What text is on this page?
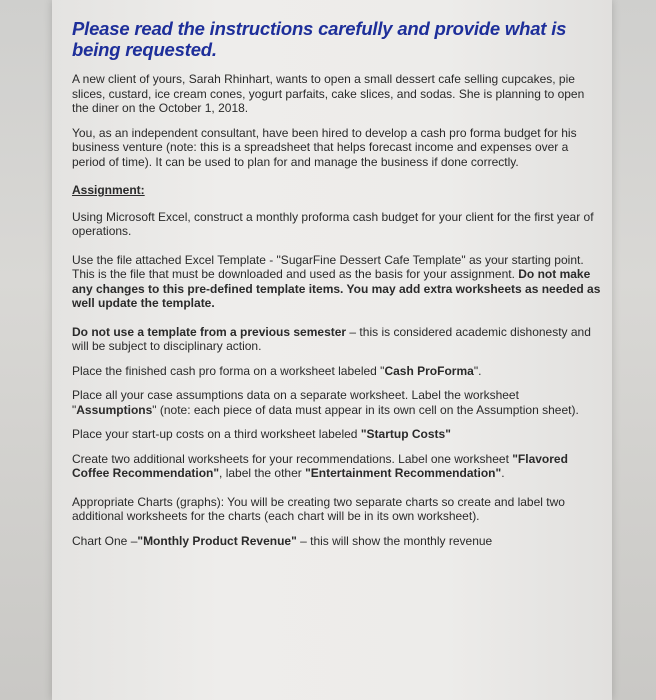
Please read the instructions carefully and provide what is being requested.

A new client of yours, Sarah Rhinhart, wants to open a small dessert cafe selling cupcakes, pie slices, custard, ice cream cones, yogurt parfaits, cake slices, and sodas. She is planning to open the diner on the October 1, 2018.

You, as an independent consultant, have been hired to develop a cash pro forma budget for his business venture (note: this is a spreadsheet that helps forecast income and expenses over a period of time). It can be used to plan for and manage the business if done correctly.

Assignment:

Using Microsoft Excel, construct a monthly proforma cash budget for your client for the first year of operations.

Use the file attached Excel Template - "SugarFine Dessert Cafe Template" as your starting point. This is the file that must be downloaded and used as the basis for your assignment. Do not make any changes to this pre-defined template items. You may add extra worksheets as needed as well update the template.

Do not use a template from a previous semester – this is considered academic dishonesty and will be subject to disciplinary action.

Place the finished cash pro forma on a worksheet labeled "Cash ProForma".

Place all your case assumptions data on a separate worksheet. Label the worksheet "Assumptions" (note: each piece of data must appear in its own cell on the Assumption sheet).

Place your start-up costs on a third worksheet labeled "Startup Costs"

Create two additional worksheets for your recommendations. Label one worksheet "Flavored Coffee Recommendation", label the other "Entertainment Recommendation".

Appropriate Charts (graphs): You will be creating two separate charts so create and label two additional worksheets for the charts (each chart will be in its own worksheet).

Chart One –"Monthly Product Revenue" – this will show the monthly revenue
